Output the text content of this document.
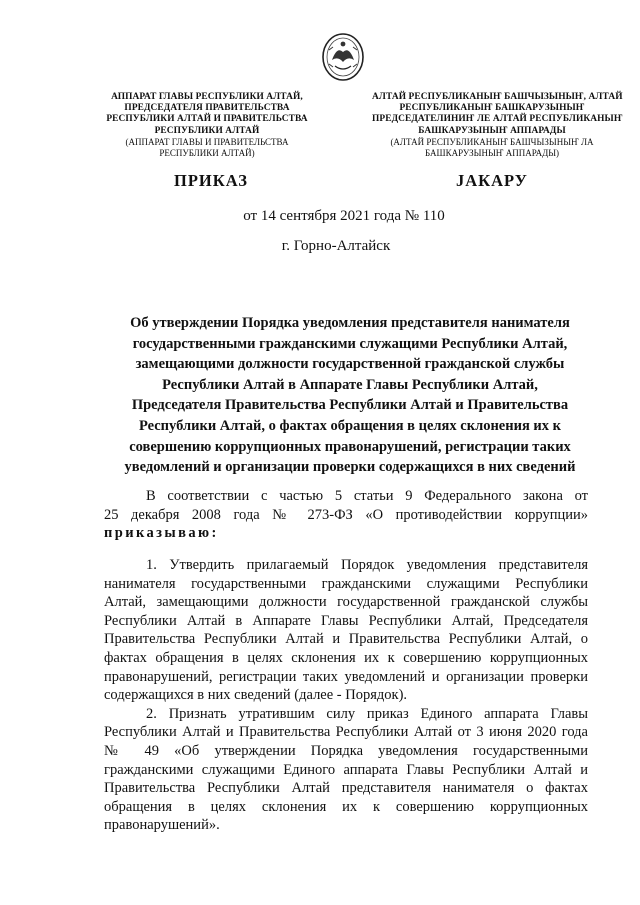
АППАРАТ ГЛАВЫ РЕСПУБЛИКИ АЛТАЙ,
ПРЕДСЕДАТЕЛЯ ПРАВИТЕЛЬСТВА
РЕСПУБЛИКИ АЛТАЙ И ПРАВИТЕЛЬСТВА
РЕСПУБЛИКИ АЛТАЙ
(АППАРАТ ГЛАВЫ И ПРАВИТЕЛЬСТВА
РЕСПУБЛИКИ АЛТАЙ)
АЛТАЙ РЕСПУБЛИКАНЫҤ БАШЧЫЗЫНЫҤ, АЛТАЙ
РЕСПУБЛИКАНЫҤ БАШКАРУЗЫНЫҤ
ПРЕДСЕДАТЕЛИНИҤ ЛЕ АЛТАЙ РЕСПУБЛИКАНЫҤ
БАШКАРУЗЫНЫҤ АППАРАДЫ
(АЛТАЙ РЕСПУБЛИКАНЫҤ БАШЧЫЗЫНЫҤ ЛА
БАШКАРУЗЫНЫҤ АППАРАДЫ)
ПРИКАЗ	JАКАРУ
от 14 сентября 2021 года № 110
г. Горно-Алтайск
Об утверждении Порядка уведомления представителя нанимателя
государственными гражданскими служащими Республики Алтай,
замещающими должности государственной гражданской службы
Республики Алтай в Аппарате Главы Республики Алтай,
Председателя Правительства Республики Алтай и Правительства
Республики Алтай, о фактах обращения в целях склонения их к
совершению коррупционных правонарушений, регистрации таких
уведомлений и организации проверки содержащихся в них сведений
В соответствии с частью 5 статьи 9 Федерального закона от
25 декабря 2008 года № 273-ФЗ «О противодействии коррупции»
приказываю:
1. Утвердить прилагаемый Порядок уведомления представителя
нанимателя государственными гражданскими служащими Республики
Алтай, замещающими должности государственной гражданской службы
Республики Алтай в Аппарате Главы Республики Алтай, Председателя
Правительства Республики Алтай и Правительства Республики Алтай, о
фактах обращения в целях склонения их к совершению коррупционных
правонарушений, регистрации таких уведомлений и организации проверки
содержащихся в них сведений (далее - Порядок).
2. Признать утратившим силу приказ Единого аппарата Главы
Республики Алтай и Правительства Республики Алтай от 3 июня 2020 года
№ 49 «Об утверждении Порядка уведомления государственными
гражданскими служащими Единого аппарата Главы Республики Алтай и
Правительства Республики Алтай представителя нанимателя о фактах
обращения в целях склонения их к совершению коррупционных
правонарушений».
